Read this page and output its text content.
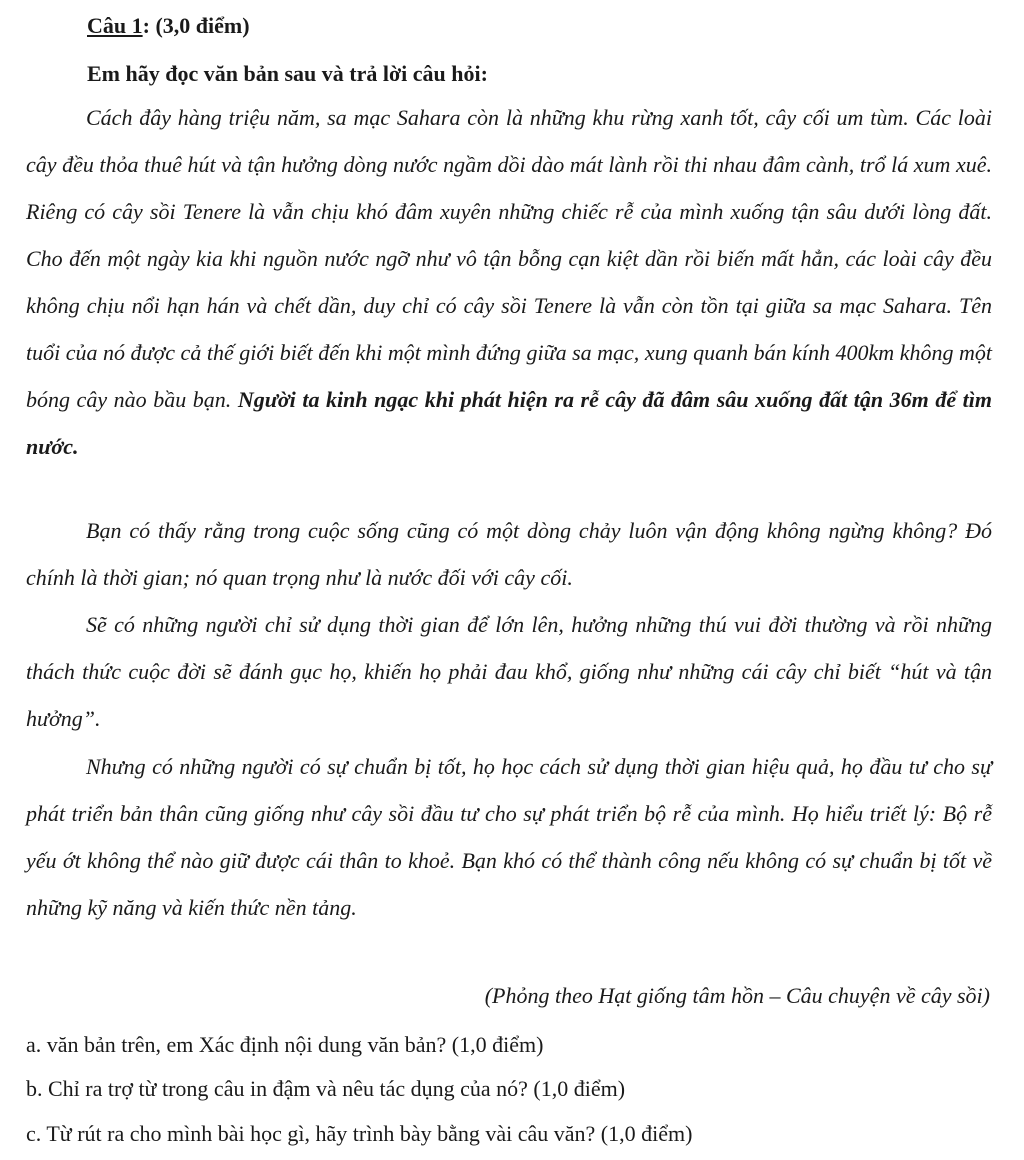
Câu 1: (3,0 điểm)
Em hãy đọc văn bản sau và trả lời câu hỏi:

Cách đây hàng triệu năm, sa mạc Sahara còn là những khu rừng xanh tốt, cây cối um tùm. Các loài cây đều thỏa thuê hút và tận hưởng dòng nước ngầm dồi dào mát lành rồi thi nhau đâm cành, trổ lá xum xuê. Riêng có cây sồi Tenere là vẫn chịu khó đâm xuyên những chiếc rễ của mình xuống tận sâu dưới lòng đất. Cho đến một ngày kia khi nguồn nước ngỡ như vô tận bỗng cạn kiệt dần rồi biến mất hẳn, các loài cây đều không chịu nổi hạn hán và chết dần, duy chỉ có cây sồi Tenere là vẫn còn tồn tại giữa sa mạc Sahara. Tên tuổi của nó được cả thế giới biết đến khi một mình đứng giữa sa mạc, xung quanh bán kính 400km không một bóng cây nào bầu bạn. Người ta kinh ngạc khi phát hiện ra rễ cây đã đâm sâu xuống đất tận 36m để tìm nước.

Bạn có thấy rằng trong cuộc sống cũng có một dòng chảy luôn vận động không ngừng không? Đó chính là thời gian; nó quan trọng như là nước đối với cây cối.

Sẽ có những người chỉ sử dụng thời gian để lớn lên, hưởng những thú vui đời thường và rồi những thách thức cuộc đời sẽ đánh gục họ, khiến họ phải đau khổ, giống như những cái cây chỉ biết “hút và tận hưởng”.

Nhưng có những người có sự chuẩn bị tốt, họ học cách sử dụng thời gian hiệu quả, họ đầu tư cho sự phát triển bản thân cũng giống như cây sồi đầu tư cho sự phát triển bộ rễ của mình. Họ hiểu triết lý: Bộ rễ yếu ớt không thể nào giữ được cái thân to khoẻ. Bạn khó có thể thành công nếu không có sự chuẩn bị tốt về những kỹ năng và kiến thức nền tảng.

(Phỏng theo Hạt giống tâm hồn – Câu chuyện về cây sồi)
a. văn bản trên, em Xác định nội dung văn bản? (1,0 điểm)
b. Chỉ ra trợ từ trong câu in đậm và nêu tác dụng của nó? (1,0 điểm)
c. Từ rút ra cho mình bài học gì, hãy trình bày bằng vài câu văn? (1,0 điểm)
